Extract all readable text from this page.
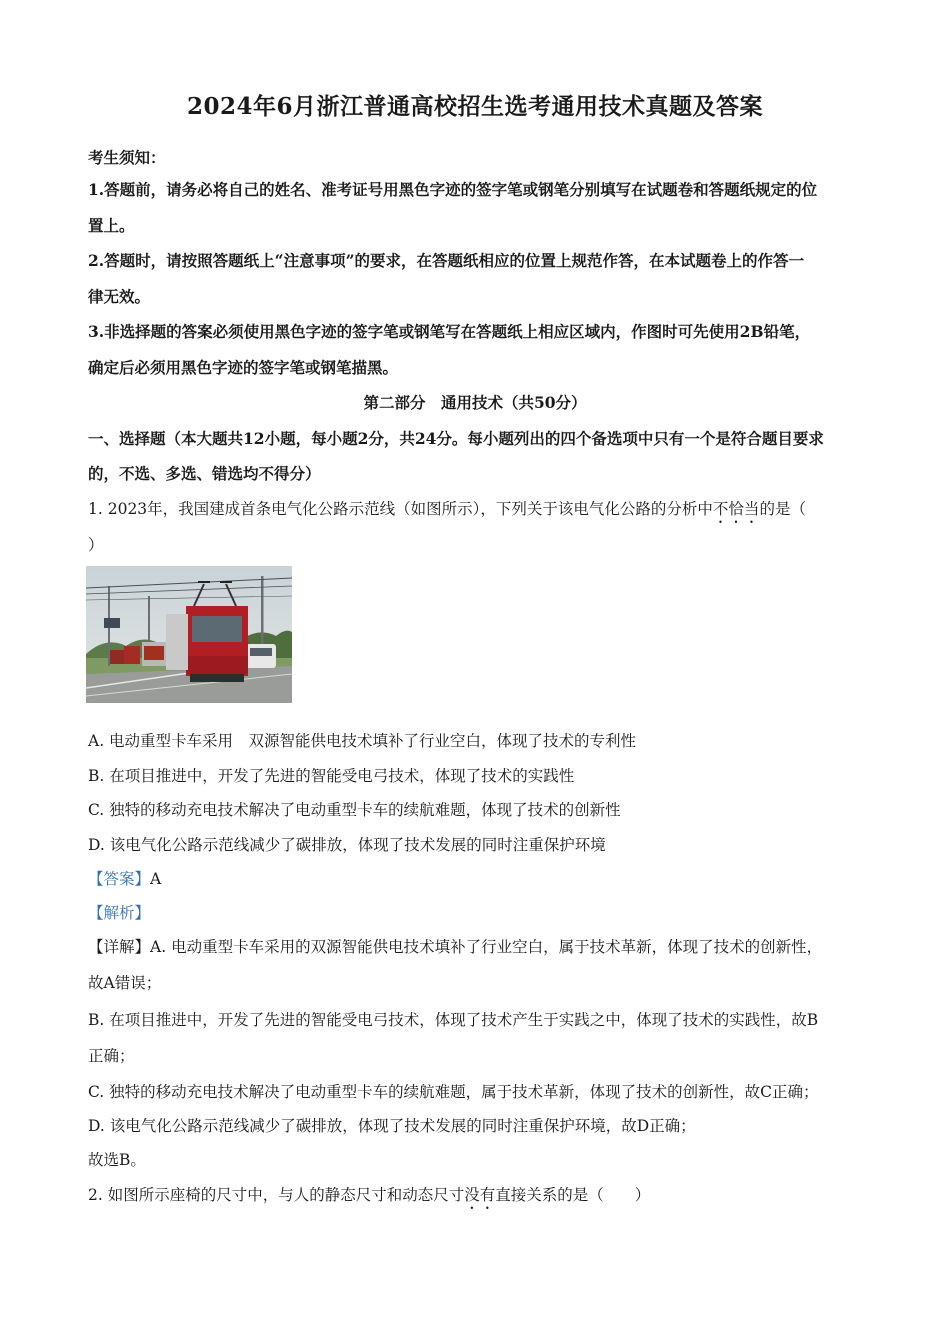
2024年6月浙江普通高校招生选考通用技术真题及答案
考生须知：
1.答题前，请务必将自己的姓名、准考证号用黑色字迹的签字笔或钢笔分别填写在试题卷和答题纸规定的位
置上。
2.答题时，请按照答题纸上“注意事项”的要求，在答题纸相应的位置上规范作答，在本试题卷上的作答一
律无效。
3.非选择题的答案必须使用黑色字迹的签字笔或钢笔写在答题纸上相应区域内，作图时可先使用2B铅笔，
确定后必须用黑色字迹的签字笔或钢笔描黑。
第二部分　通用技术（共50分）
一、选择题（本大题共12小题，每小题2分，共24分。每小题列出的四个备选项中只有一个是符合题目要求
的，不选、多选、错选均不得分）
1. 2023年，我国建成首条电气化公路示范线（如图所示），下列关于该电气化公路的分析中不恰当的是（
）
A. 电动重型卡车采用　双源智能供电技术填补了行业空白，体现了技术的专利性
B. 在项目推进中，开发了先进的智能受电弓技术，体现了技术的实践性
C. 独特的移动充电技术解决了电动重型卡车的续航难题，体现了技术的创新性
D. 该电气化公路示范线减少了碳排放，体现了技术发展的同时注重保护环境
【答案】A
【解析】
【详解】A. 电动重型卡车采用的双源智能供电技术填补了行业空白，属于技术革新，体现了技术的创新性，
故A错误；
B. 在项目推进中，开发了先进的智能受电弓技术，体现了技术产生于实践之中，体现了技术的实践性，故B
正确；
C. 独特的移动充电技术解决了电动重型卡车的续航难题，属于技术革新，体现了技术的创新性，故C正确；
D. 该电气化公路示范线减少了碳排放，体现了技术发展的同时注重保护环境，故D正确；
故选B。
2. 如图所示座椅的尺寸中，与人的静态尺寸和动态尺寸没有直接关系的是（　　）
